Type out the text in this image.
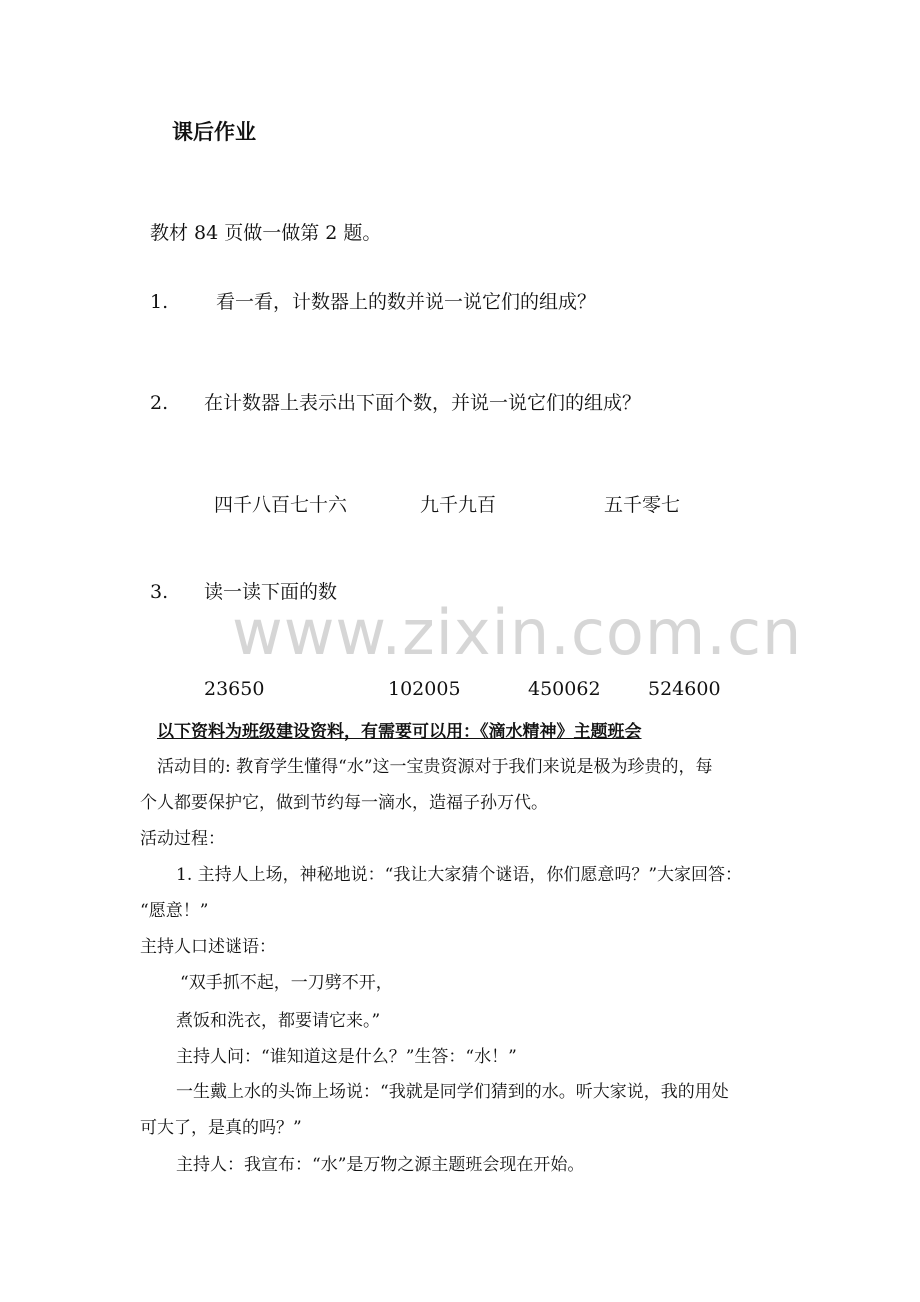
课后作业
教材 84 页做一做第 2 题。
1.	看一看，计数器上的数并说一说它们的组成？
2. 在计数器上表示出下面个数，并说一说它们的组成？
四千八百七十六	九千九百	五千零七
3. 读一读下面的数
www.zixin.com.cn
23650	102005	450062 524600
以下资料为班级建设资料，有需要可以用：《滴水精神》主题班会
活动目的: 教育学生懂得“水”这一宝贵资源对于我们来说是极为珍贵的，每
个人都要保护它，做到节约每一滴水，造福子孙万代。
活动过程：
1. 主持人上场，神秘地说：“我让大家猜个谜语，你们愿意吗？”大家回答：
“愿意！”
主持人口述谜语：
“双手抓不起，一刀劈不开，
煮饭和洗衣，都要请它来。”
主持人问：“谁知道这是什么？”生答：“水！”
一生戴上水的头饰上场说：“我就是同学们猜到的水。听大家说，我的用处
可大了，是真的吗？”
主持人：我宣布：“水”是万物之源主题班会现在开始。
